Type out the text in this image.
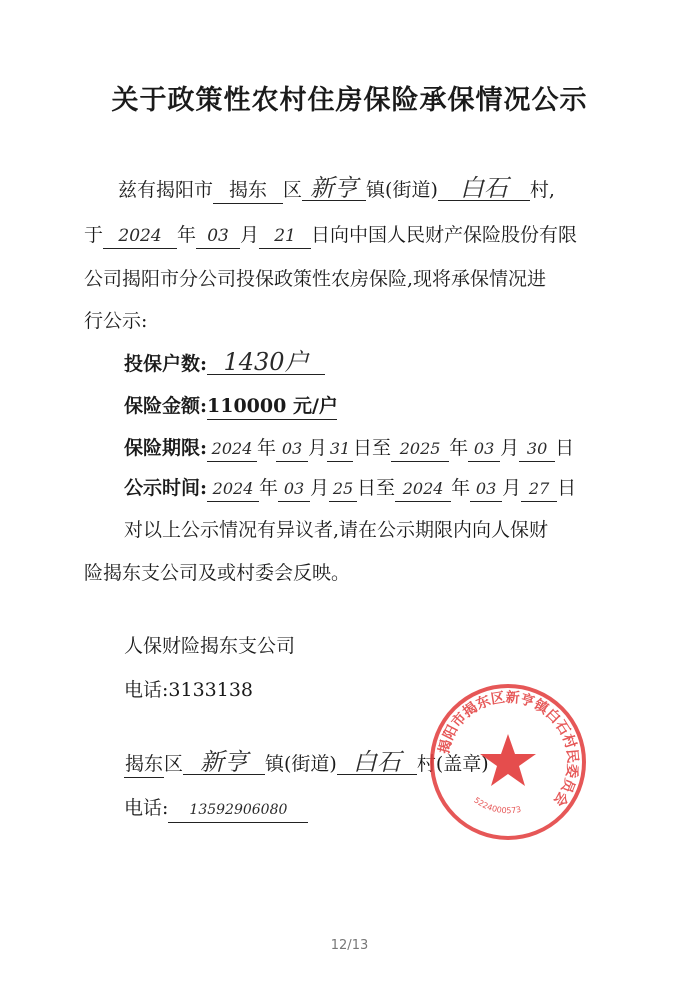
关于政策性农村住房保险承保情况公示
兹有揭阳市 揭东 区 新亨 镇(街道) 白石 村,
于 2024 年 03 月 21 日向中国人民财产保险股份有限
公司揭阳市分公司投保政策性农房保险,现将承保情况进
行公示:
投保户数: 1430户
保险金额:110000 元/户
保险期限: 2024 年 03 月 31 日至 2025 年 03 月 30 日
公示时间: 2024 年 03 月 25 日至 2024 年 03 月 27 日
对以上公示情况有异议者,请在公示期限内向人保财
险揭东支公司及或村委会反映。
人保财险揭东支公司
电话:3133138
揭东区 新亨 镇(街道) 白石 村(盖章)
电话: 13592906080
揭阳市揭东区新亨镇白石村民委员会
5224000573
12/13
